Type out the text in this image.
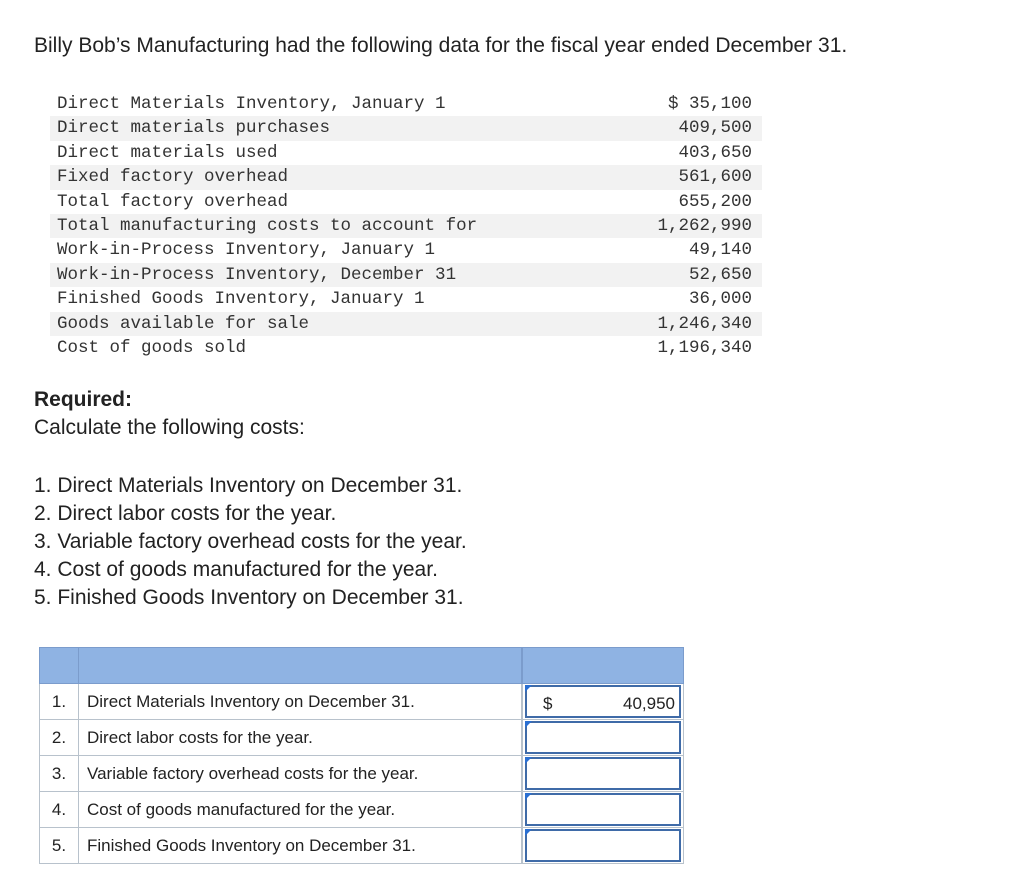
Billy Bob’s Manufacturing had the following data for the fiscal year ended December 31.

Direct Materials Inventory, January 1	$ 35,100
Direct materials purchases	409,500
Direct materials used	403,650
Fixed factory overhead	561,600
Total factory overhead	655,200
Total manufacturing costs to account for	1,262,990
Work-in-Process Inventory, January 1	49,140
Work-in-Process Inventory, December 31	52,650
Finished Goods Inventory, January 1	36,000
Goods available for sale	1,246,340
Cost of goods sold	1,196,340

Required:

Calculate the following costs:

1. Direct Materials Inventory on December 31.
2. Direct labor costs for the year.
3. Variable factory overhead costs for the year.
4. Cost of goods manufactured for the year.
5. Finished Goods Inventory on December 31.

1.	Direct Materials Inventory on December 31.		$ 40,950

2.	Direct labor costs for the year.		

3.	Variable factory overhead costs for the year.		

4.	Cost of goods manufactured for the year.		

5.	Finished Goods Inventory on December 31.		
